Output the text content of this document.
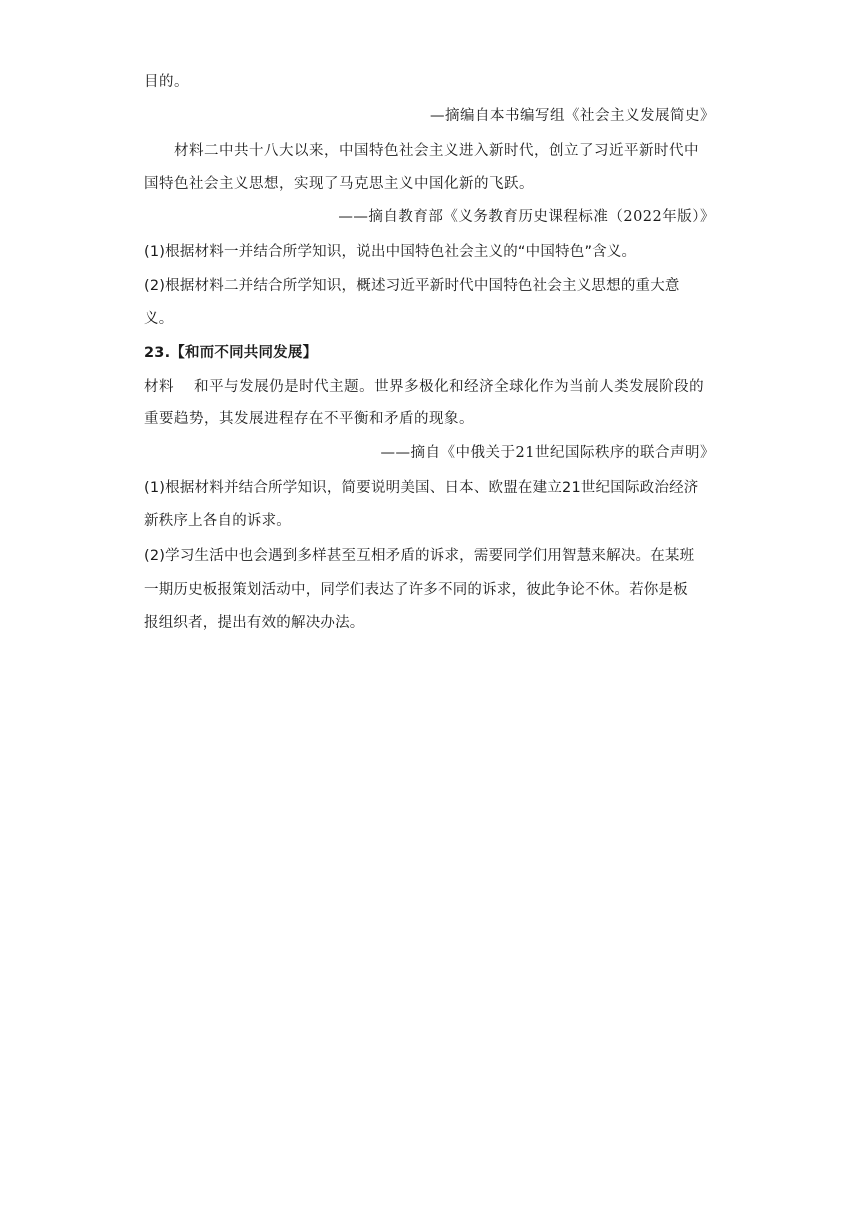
目的。
—摘编自本书编写组《社会主义发展简史》
材料二中共十八大以来，中国特色社会主义进入新时代，创立了习近平新时代中
国特色社会主义思想，实现了马克思主义中国化新的飞跃。
——摘自教育部《义务教育历史课程标准（2022年版）》
(1)根据材料一并结合所学知识，说出中国特色社会主义的“中国特色”含义。
(2)根据材料二并结合所学知识，概述习近平新时代中国特色社会主义思想的重大意
义。
23.【和而不同共同发展】
材料　 和平与发展仍是时代主题。世界多极化和经济全球化作为当前人类发展阶段的
重要趋势，其发展进程存在不平衡和矛盾的现象。
——摘自《中俄关于21世纪国际秩序的联合声明》
(1)根据材料并结合所学知识，简要说明美国、日本、欧盟在建立21世纪国际政治经济
新秩序上各自的诉求。
(2)学习生活中也会遇到多样甚至互相矛盾的诉求，需要同学们用智慧来解决。在某班
一期历史板报策划活动中，同学们表达了许多不同的诉求，彼此争论不休。若你是板
报组织者，提出有效的解决办法。
